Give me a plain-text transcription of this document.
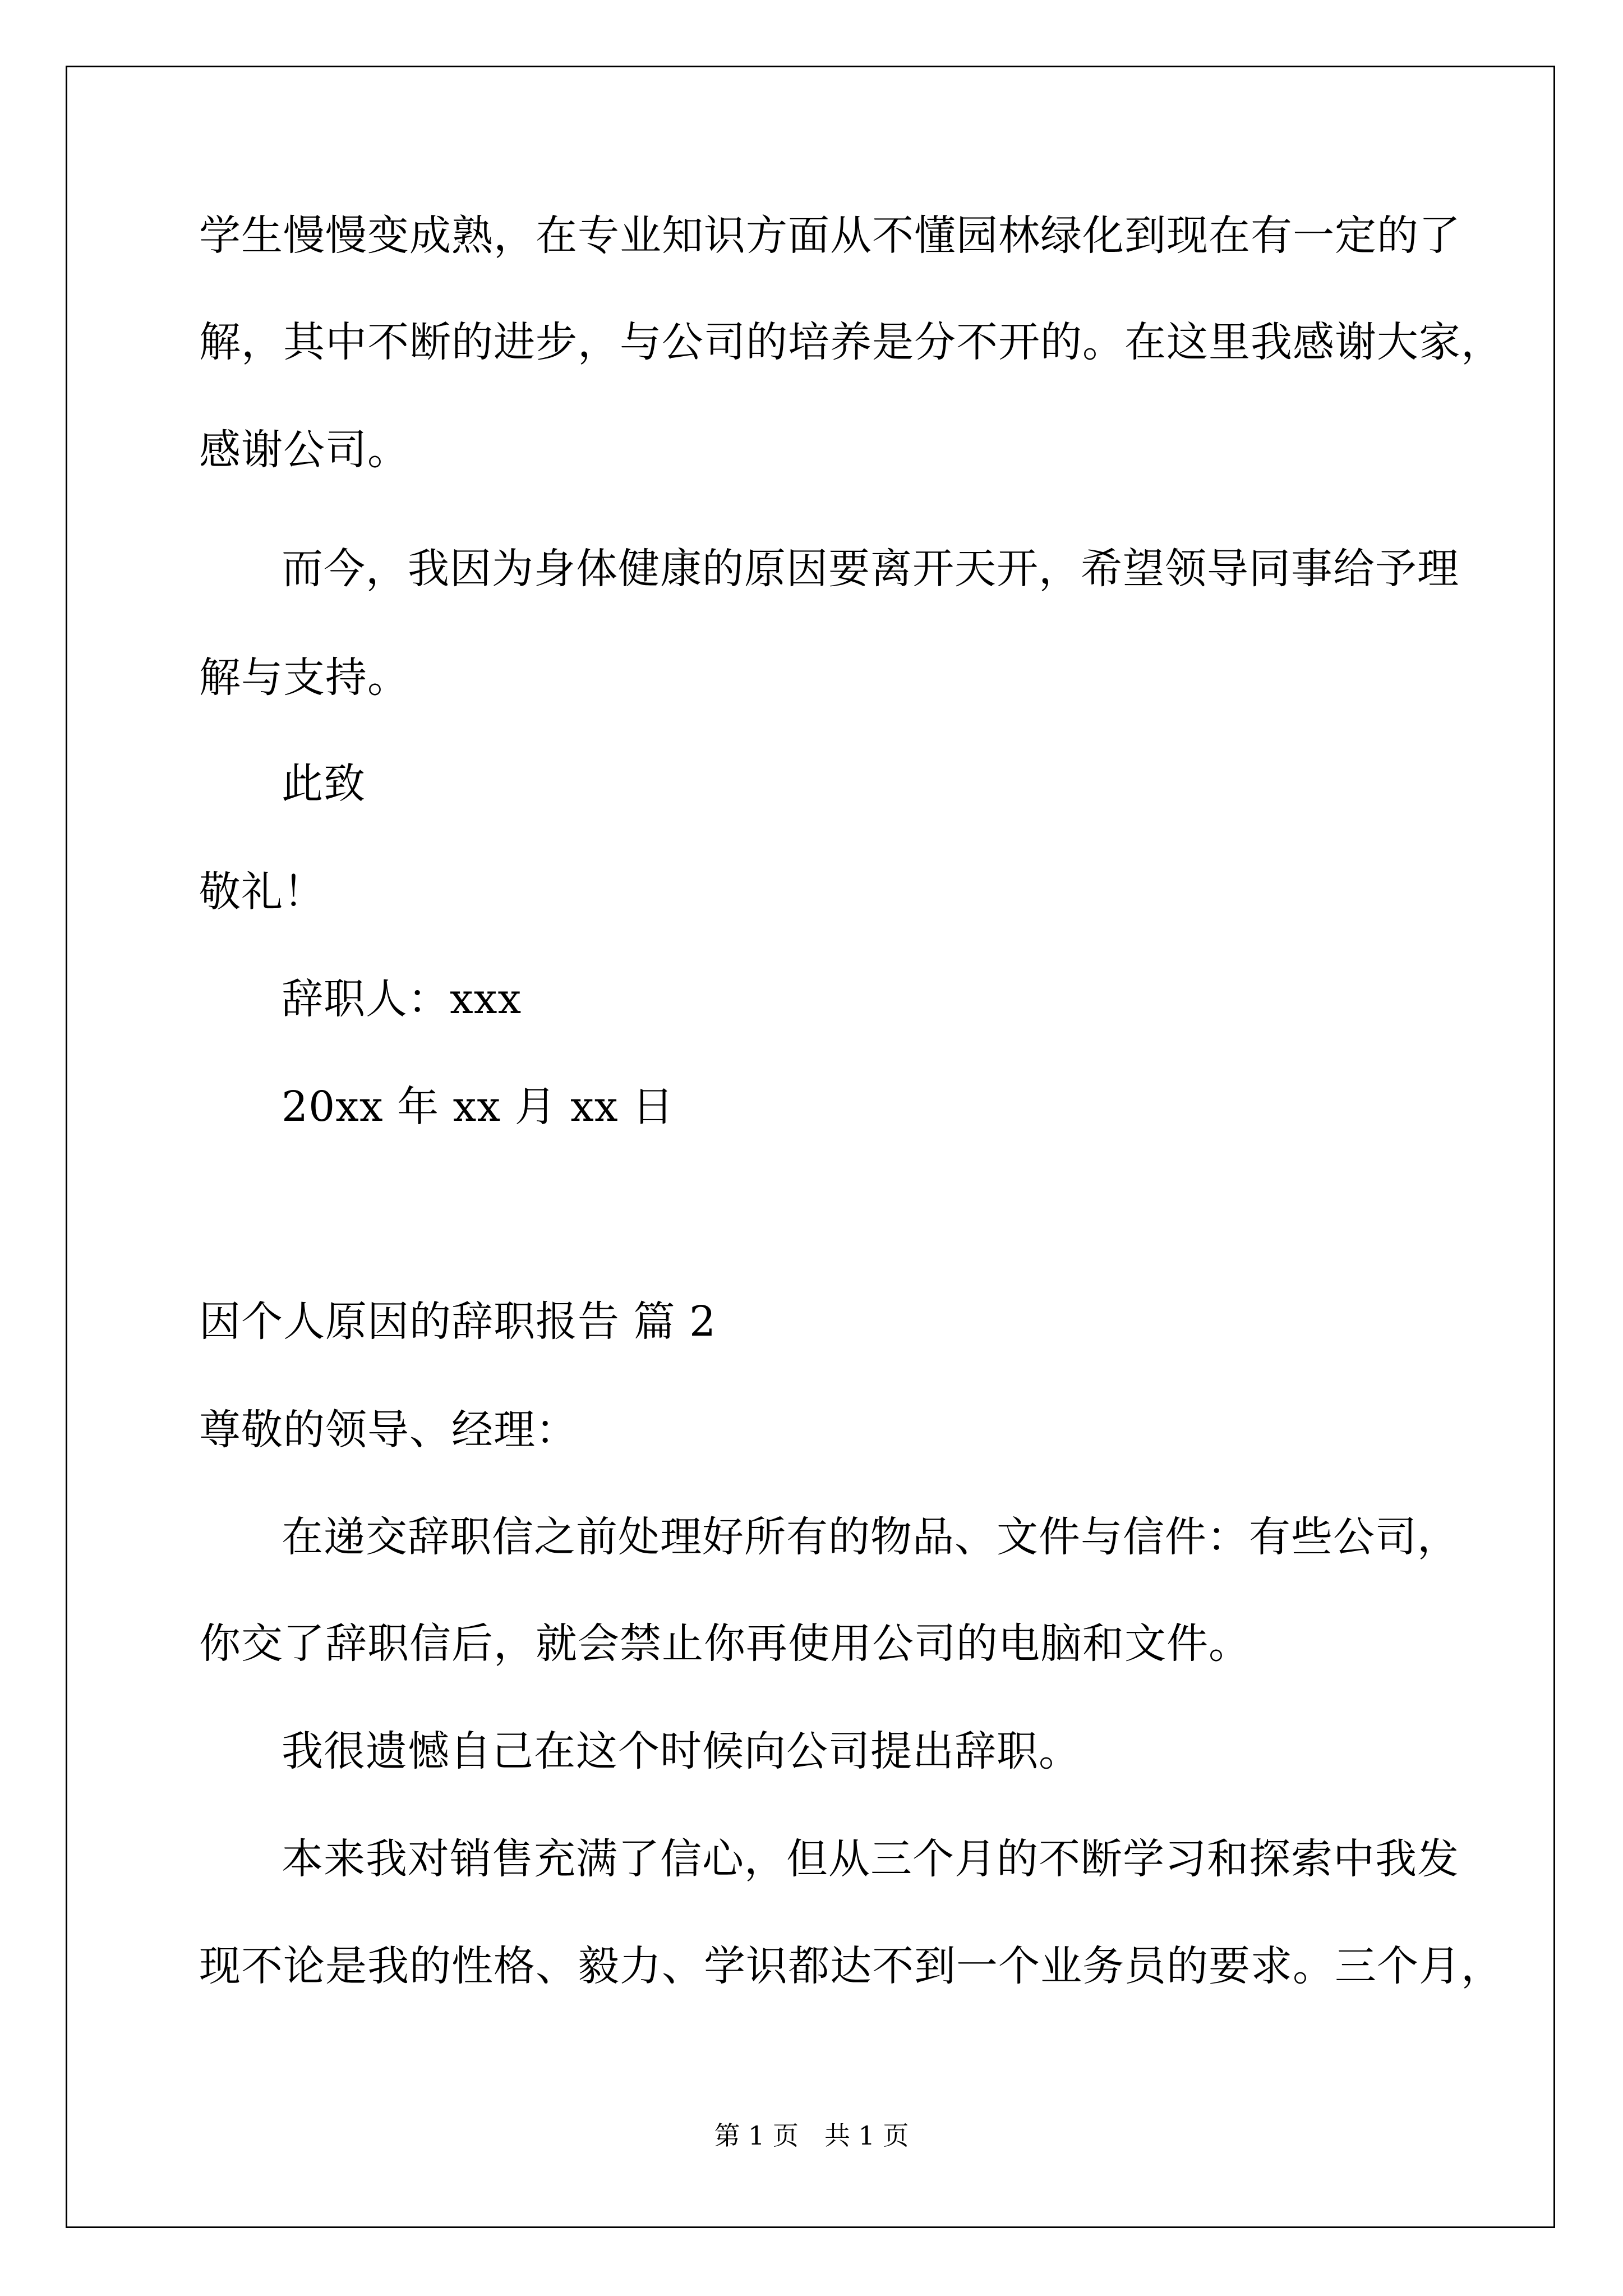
学生慢慢变成熟，在专业知识方面从不懂园林绿化到现在有一定的了
解，其中不断的进步，与公司的培养是分不开的。在这里我感谢大家，
感谢公司。
而今，我因为身体健康的原因要离开天开，希望领导同事给予理
解与支持。
此致
敬礼！
辞职人：xxx
20xx 年 xx 月 xx 日
因个人原因的辞职报告 篇 2
尊敬的领导、经理：
在递交辞职信之前处理好所有的物品、文件与信件：有些公司，
你交了辞职信后，就会禁止你再使用公司的电脑和文件。
我很遗憾自己在这个时候向公司提出辞职。
本来我对销售充满了信心，但从三个月的不断学习和探索中我发
现不论是我的性格、毅力、学识都达不到一个业务员的要求。三个月，
第 1 页 共 1 页
